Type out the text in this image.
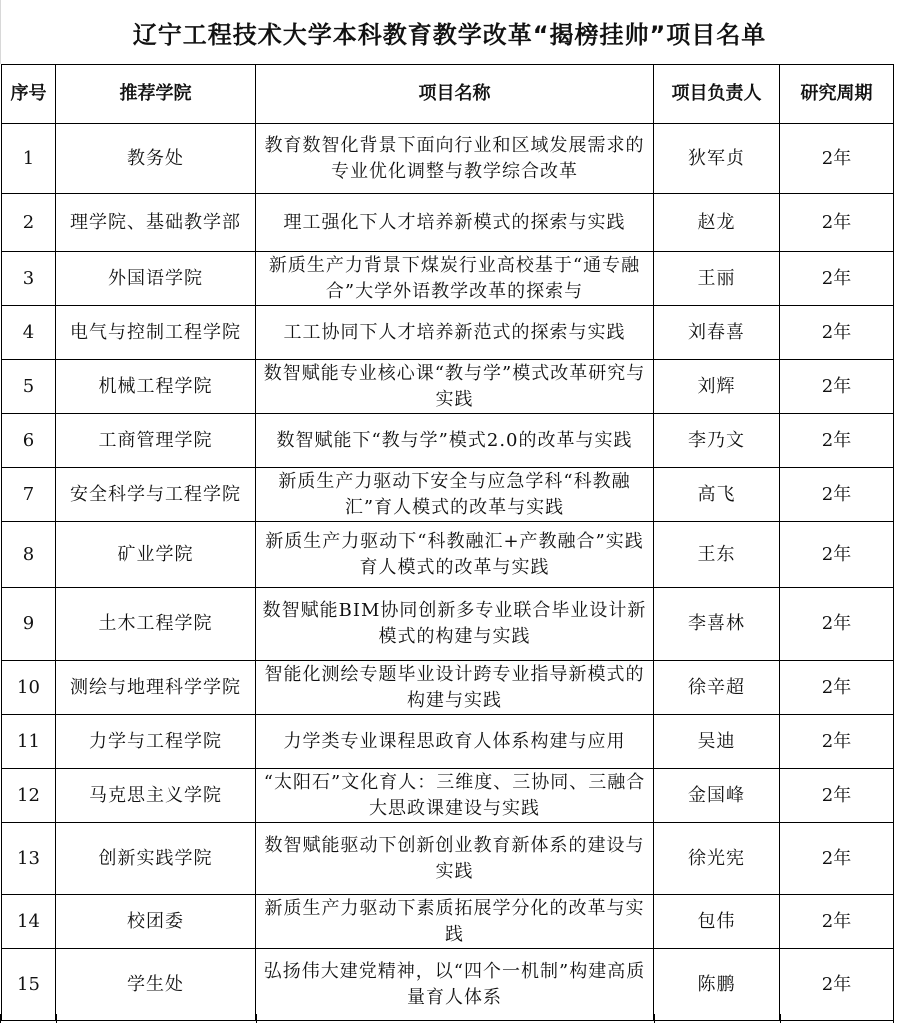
辽宁工程技术大学本科教育教学改革“揭榜挂帅”项目名单
序号	推荐学院	项目名称	项目负责人	研究周期
1	教务处	教育数智化背景下面向行业和区域发展需求的专业优化调整与教学综合改革	狄军贞	2年
2	理学院、基础教学部	理工强化下人才培养新模式的探索与实践	赵龙	2年
3	外国语学院	新质生产力背景下煤炭行业高校基于“通专融合”大学外语教学改革的探索与	王丽	2年
4	电气与控制工程学院	工工协同下人才培养新范式的探索与实践	刘春喜	2年
5	机械工程学院	数智赋能专业核心课“教与学”模式改革研究与实践	刘辉	2年
6	工商管理学院	数智赋能下“教与学”模式2.0的改革与实践	李乃文	2年
7	安全科学与工程学院	新质生产力驱动下安全与应急学科“科教融汇”育人模式的改革与实践	高飞	2年
8	矿业学院	新质生产力驱动下“科教融汇+产教融合”实践育人模式的改革与实践	王东	2年
9	土木工程学院	数智赋能BIM协同创新多专业联合毕业设计新模式的构建与实践	李喜林	2年
10	测绘与地理科学学院	智能化测绘专题毕业设计跨专业指导新模式的构建与实践	徐辛超	2年
11	力学与工程学院	力学类专业课程思政育人体系构建与应用	吴迪	2年
12	马克思主义学院	“太阳石”文化育人：三维度、三协同、三融合大思政课建设与实践	金国峰	2年
13	创新实践学院	数智赋能驱动下创新创业教育新体系的建设与实践	徐光宪	2年
14	校团委	新质生产力驱动下素质拓展学分化的改革与实践	包伟	2年
15	学生处	弘扬伟大建党精神，以“四个一机制”构建高质量育人体系	陈鹏	2年
